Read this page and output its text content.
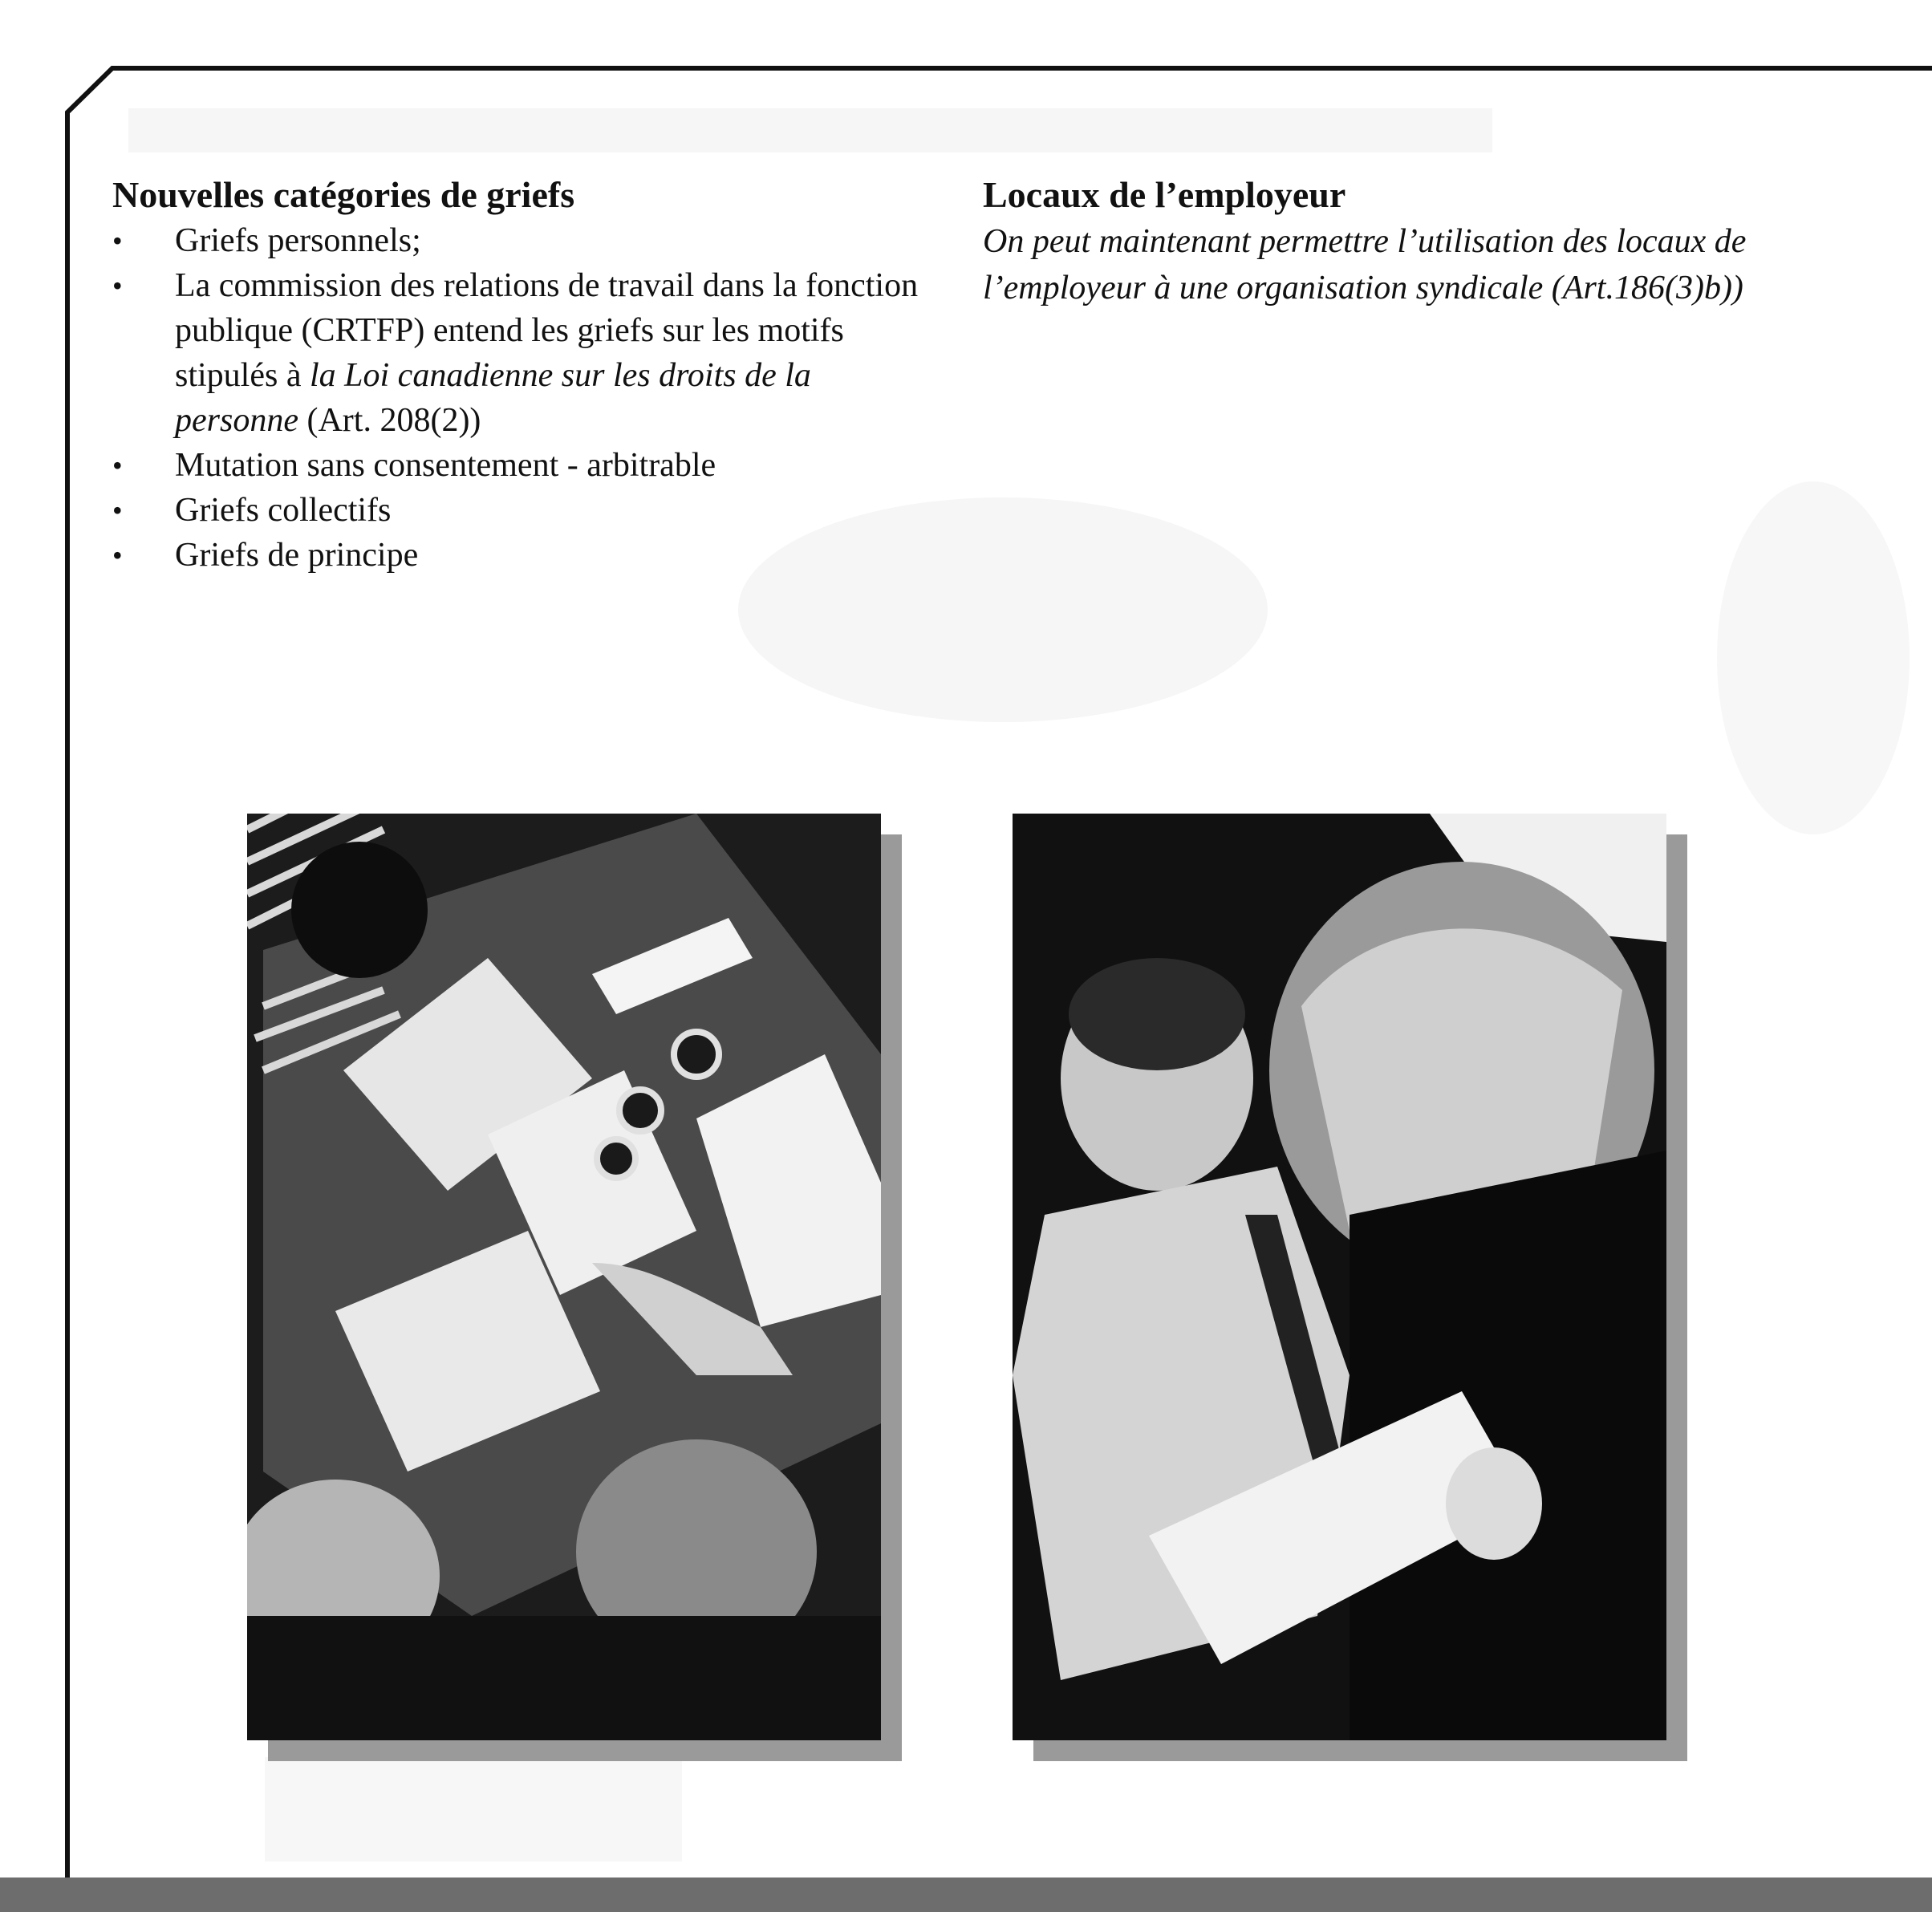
Nouvelles catégories de griefs
• Griefs personnels;
• La commission des relations de travail dans la fonction publique (CRTFP) entend les griefs sur les motifs stipulés à la Loi canadienne sur les droits de la personne (Art. 208(2))
• Mutation sans consentement - arbitrable
• Griefs collectifs
• Griefs de principe
Locaux de l’employeur

On peut maintenant permettre l’utilisation des locaux de l’employeur à une organisation syndicale (Art.186(3)b))
